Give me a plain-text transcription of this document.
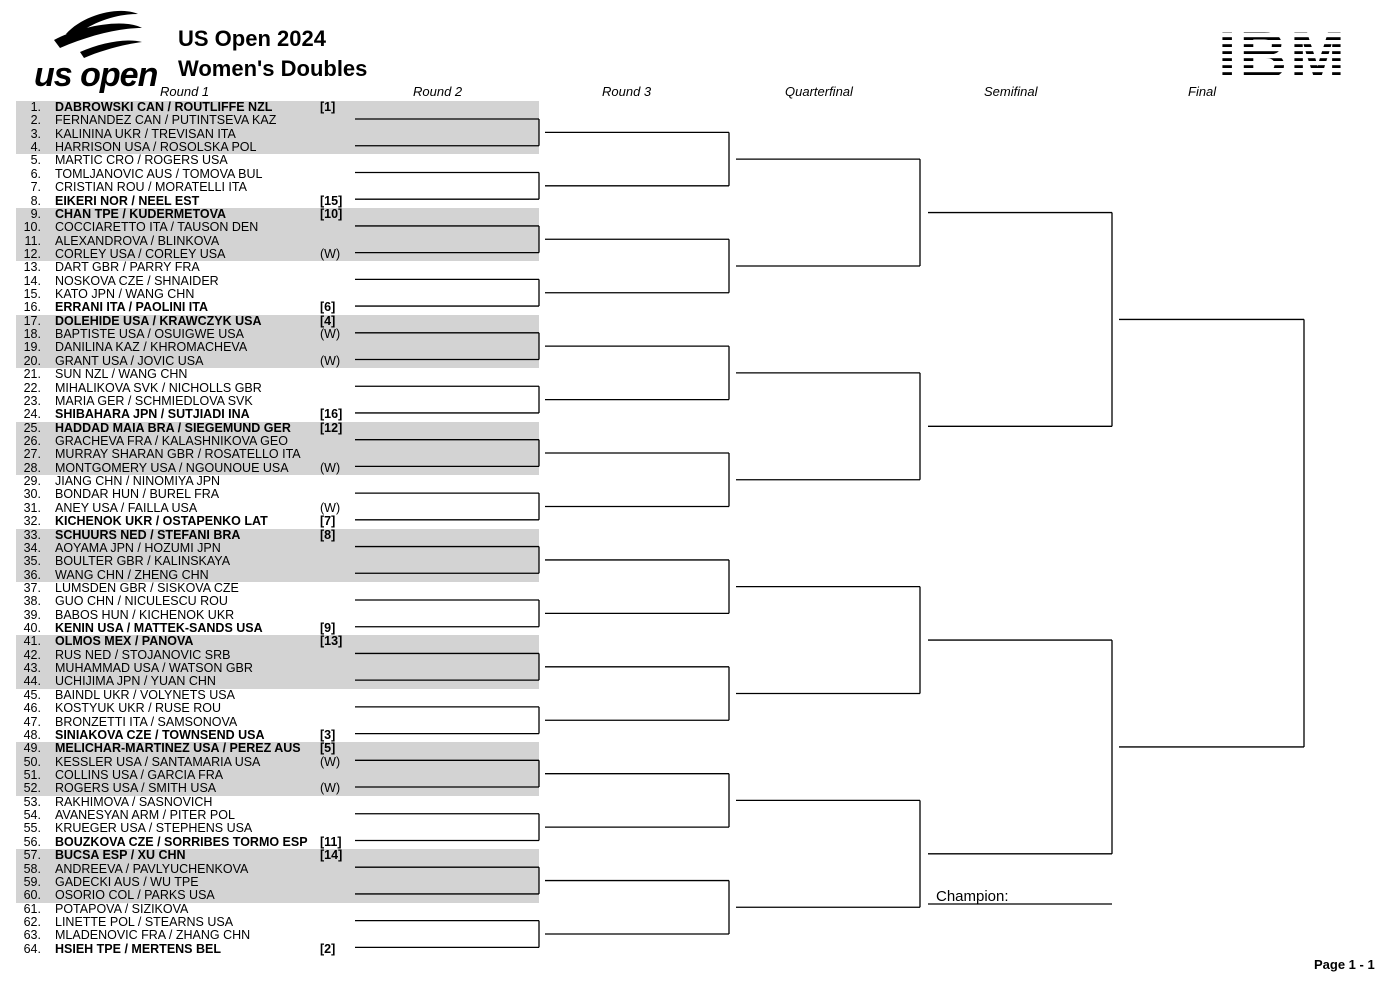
us open
US Open 2024
Women's Doubles
Round 1	Round 2	Round 3	Quarterfinal	Semifinal	Final
1. DABROWSKI CAN / ROUTLIFFE NZL	[1]
2. FERNANDEZ CAN / PUTINTSEVA KAZ
3. KALININA UKR / TREVISAN ITA
4. HARRISON USA / ROSOLSKA POL
5. MARTIC CRO / ROGERS USA
6. TOMLJANOVIC AUS / TOMOVA BUL
7. CRISTIAN ROU / MORATELLI ITA
8. EIKERI NOR / NEEL EST	[15]
9. CHAN TPE / KUDERMETOVA	[10]
10. COCCIARETTO ITA / TAUSON DEN
11. ALEXANDROVA / BLINKOVA
12. CORLEY USA / CORLEY USA	(W)
13. DART GBR / PARRY FRA
14. NOSKOVA CZE / SHNAIDER
15. KATO JPN / WANG CHN
16. ERRANI ITA / PAOLINI ITA	[6]
17. DOLEHIDE USA / KRAWCZYK USA	[4]
18. BAPTISTE USA / OSUIGWE USA	(W)
19. DANILINA KAZ / KHROMACHEVA
20. GRANT USA / JOVIC USA	(W)
21. SUN NZL / WANG CHN
22. MIHALIKOVA SVK / NICHOLLS GBR
23. MARIA GER / SCHMIEDLOVA SVK
24. SHIBAHARA JPN / SUTJIADI INA	[16]
25. HADDAD MAIA BRA / SIEGEMUND GER [12]
26. GRACHEVA FRA / KALASHNIKOVA GEO
27. MURRAY SHARAN GBR / ROSATELLO ITA
28. MONTGOMERY USA / NGOUNOUE USA	(W)
29. JIANG CHN / NINOMIYA JPN
30. BONDAR HUN / BUREL FRA
31. ANEY USA / FAILLA USA	(W)
32. KICHENOK UKR / OSTAPENKO LAT	[7]
33. SCHUURS NED / STEFANI BRA	[8]
34. AOYAMA JPN / HOZUMI JPN
35. BOULTER GBR / KALINSKAYA
36. WANG CHN / ZHENG CHN
37. LUMSDEN GBR / SISKOVA CZE
38. GUO CHN / NICULESCU ROU
39. BABOS HUN / KICHENOK UKR
40. KENIN USA / MATTEK-SANDS USA	[9]
41. OLMOS MEX / PANOVA	[13]
42. RUS NED / STOJANOVIC SRB
43. MUHAMMAD USA / WATSON GBR
44. UCHIJIMA JPN / YUAN CHN
45. BAINDL UKR / VOLYNETS USA
46. KOSTYUK UKR / RUSE ROU
47. BRONZETTI ITA / SAMSONOVA
48. SINIAKOVA CZE / TOWNSEND USA	[3]
49. MELICHAR-MARTINEZ USA / PEREZ AUS [5]
50. KESSLER USA / SANTAMARIA USA	(W)
51. COLLINS USA / GARCIA FRA
52. ROGERS USA / SMITH USA	(W)
53. RAKHIMOVA / SASNOVICH
54. AVANESYAN ARM / PITER POL
55. KRUEGER USA / STEPHENS USA
56. BOUZKOVA CZE / SORRIBES TORMO ESP [11]
57. BUCSA ESP / XU CHN	[14]
58. ANDREEVA / PAVLYUCHENKOVA
59. GADECKI AUS / WU TPE
60. OSORIO COL / PARKS USA
61. POTAPOVA / SIZIKOVA
62. LINETTE POL / STEARNS USA
63. MLADENOVIC FRA / ZHANG CHN
64. HSIEH TPE / MERTENS BEL	[2]
Champion:
Page 1 - 1
